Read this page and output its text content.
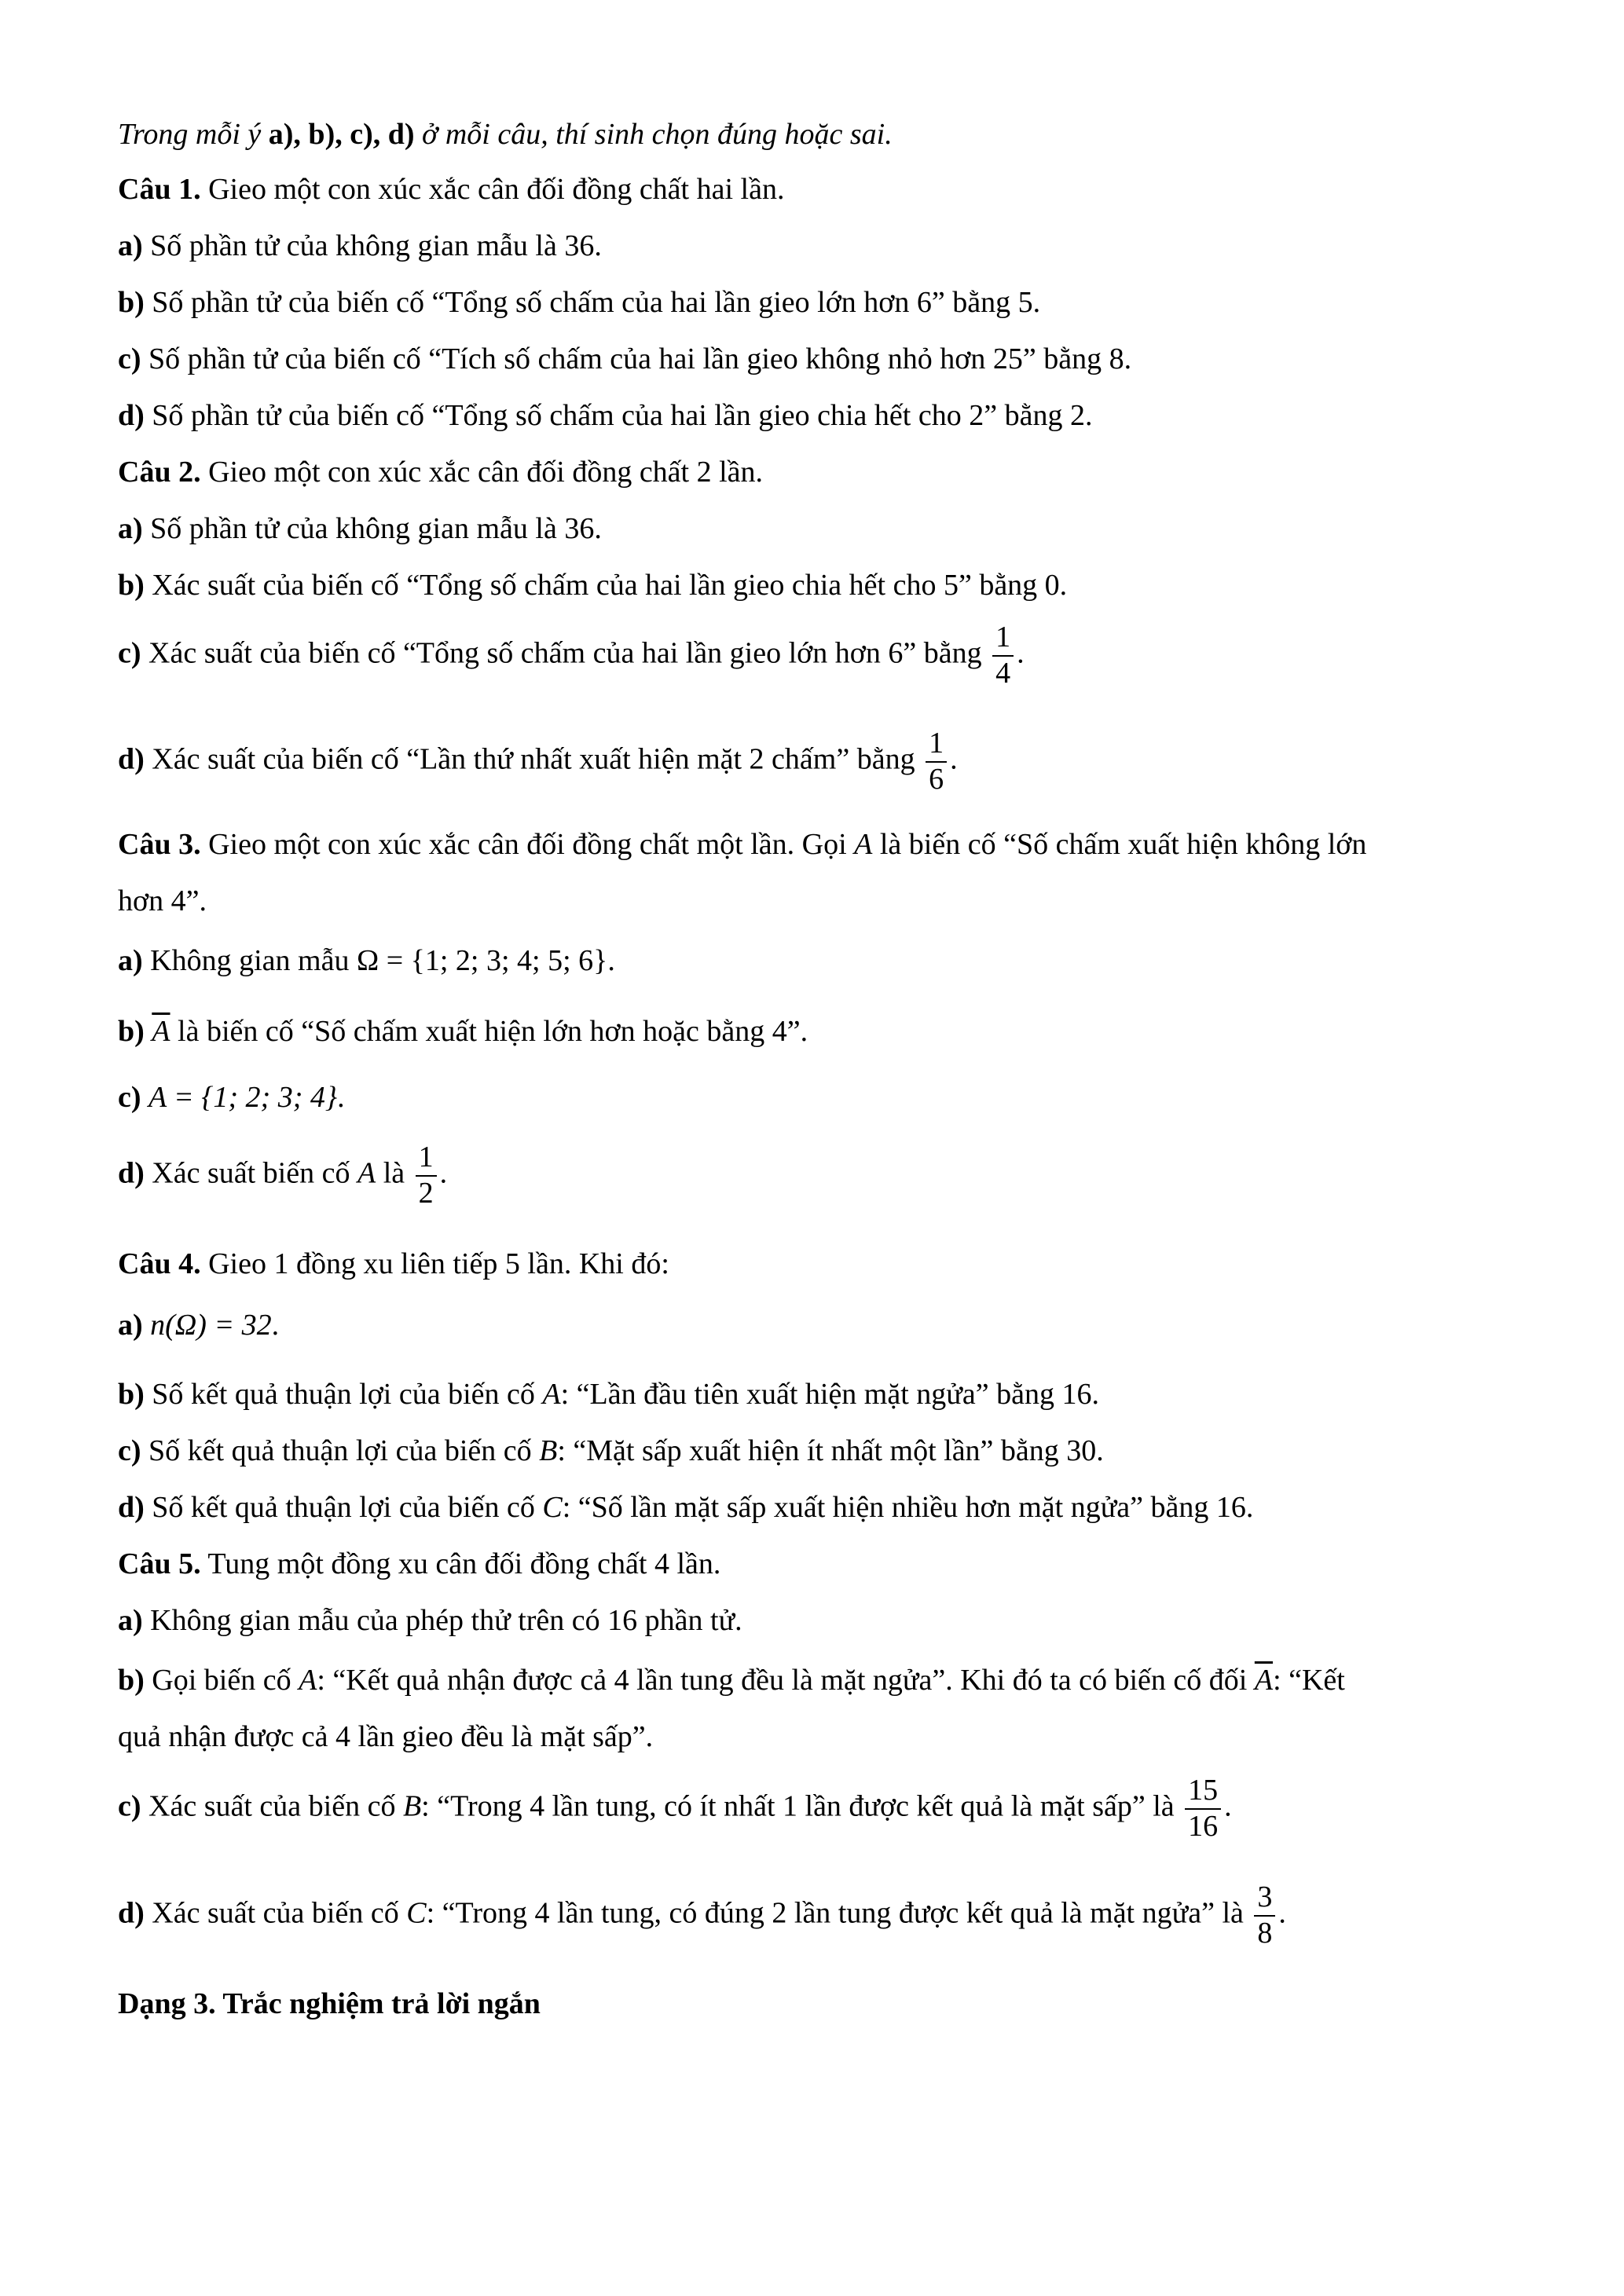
Trong mỗi ý a), b), c), d) ở mỗi câu, thí sinh chọn đúng hoặc sai.
Câu 1. Gieo một con xúc xắc cân đối đồng chất hai lần.
a) Số phần tử của không gian mẫu là 36.
b) Số phần tử của biến cố “Tổng số chấm của hai lần gieo lớn hơn 6” bằng 5.
c) Số phần tử của biến cố “Tích số chấm của hai lần gieo không nhỏ hơn 25” bằng 8.
d) Số phần tử của biến cố “Tổng số chấm của hai lần gieo chia hết cho 2” bằng 2.
Câu 2. Gieo một con xúc xắc cân đối đồng chất 2 lần.
a) Số phần tử của không gian mẫu là 36.
b) Xác suất của biến cố “Tổng số chấm của hai lần gieo chia hết cho 5” bằng 0.
c) Xác suất của biến cố “Tổng số chấm của hai lần gieo lớn hơn 6” bằng $\frac{1}{4}$ .
d) Xác suất của biến cố “Lần thứ nhất xuất hiện mặt 2 chấm” bằng $\frac{1}{6}$ .
Câu 3. Gieo một con xúc xắc cân đối đồng chất một lần. Gọi A là biến cố “Số chấm xuất hiện không lớn
hơn 4”.
a) Không gian mẫu Ω = {1; 2; 3; 4; 5; 6}.
b) $\overline{A}$ là biến cố “Số chấm xuất hiện lớn hơn hoặc bằng 4”.
c) A = {1; 2; 3; 4}.
d) Xác suất biến cố A là $\frac{1}{2}$ .
Câu 4. Gieo 1 đồng xu liên tiếp 5 lần. Khi đó:
a) n(Ω) = 32.
b) Số kết quả thuận lợi của biến cố A: “Lần đầu tiên xuất hiện mặt ngửa” bằng 16.
c) Số kết quả thuận lợi của biến cố B: “Mặt sấp xuất hiện ít nhất một lần” bằng 30.
d) Số kết quả thuận lợi của biến cố C: “Số lần mặt sấp xuất hiện nhiều hơn mặt ngửa” bằng 16.
Câu 5. Tung một đồng xu cân đối đồng chất 4 lần.
a) Không gian mẫu của phép thử trên có 16 phần tử.
b) Gọi biến cố A: “Kết quả nhận được cả 4 lần tung đều là mặt ngửa”. Khi đó ta có biến cố đối $\overline{A}$: “Kết
quả nhận được cả 4 lần gieo đều là mặt sấp”.
c) Xác suất của biến cố B: “Trong 4 lần tung, có ít nhất 1 lần được kết quả là mặt sấp” là $\frac{15}{16}$ .
d) Xác suất của biến cố C: “Trong 4 lần tung, có đúng 2 lần tung được kết quả là mặt ngửa” là $\frac{3}{8}$ .
Dạng 3. Trắc nghiệm trả lời ngắn
